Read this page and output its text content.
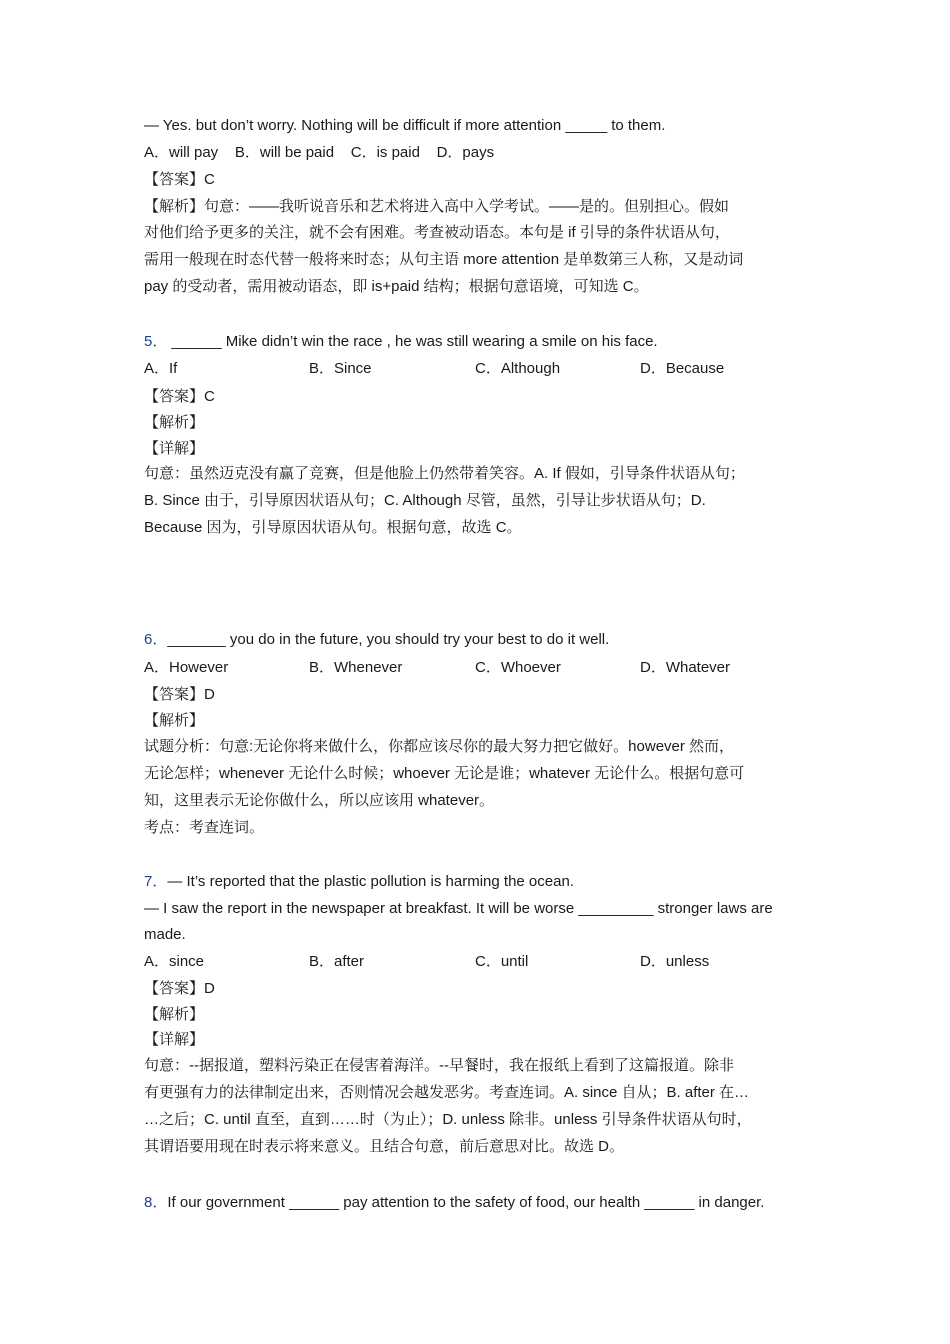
— Yes. but don’t worry. Nothing will be difficult if more attention _____ to them.
A．will pay    B．will be paid    C．is paid    D．pays
【答案】C
【解析】句意：——我听说音乐和艺术将进入高中入学考试。——是的。但别担心。假如
对他们给予更多的关注，就不会有困难。考查被动语态。本句是 if 引导的条件状语从句，
需用一般现在时态代替一般将来时态；从句主语 more attention 是单数第三人称，又是动词
pay 的受动者，需用被动语态，即 is+paid 结构；根据句意语境，可知选 C。
5． ______ Mike didn’t win the race , he was still wearing a smile on his face.
A．If	B．Since	C．Although	D．Because
【答案】C
【解析】
【详解】
句意：虽然迈克没有赢了竞赛，但是他脸上仍然带着笑容。A. If 假如，引导条件状语从句；
B. Since 由于，引导原因状语从句；C. Although 尽管，虽然，引导让步状语从句；D.
Because 因为，引导原因状语从句。根据句意，故选 C。
6．_______ you do in the future, you should try your best to do it well.
A．However	B．Whenever	C．Whoever	D．Whatever
【答案】D
【解析】
试题分析：句意:无论你将来做什么，你都应该尽你的最大努力把它做好。however 然而，
无论怎样；whenever 无论什么时候；whoever 无论是谁；whatever 无论什么。根据句意可
知，这里表示无论你做什么，所以应该用 whatever。
考点：考查连词。
7．— It’s reported that the plastic pollution is harming the ocean.
— I saw the report in the newspaper at breakfast. It will be worse _________ stronger laws are
made.
A．since	B．after	C．until	D．unless
【答案】D
【解析】
【详解】
句意：--据报道，塑料污染正在侵害着海洋。--早餐时，我在报纸上看到了这篇报道。除非
有更强有力的法律制定出来，否则情况会越发恶劣。考查连词。A. since 自从；B. after 在…
…之后；C. until 直至，直到……时（为止）；D. unless 除非。unless 引导条件状语从句时，
其谓语要用现在时表示将来意义。且结合句意，前后意思对比。故选 D。
8．If our government ______ pay attention to the safety of food, our health ______ in danger.
